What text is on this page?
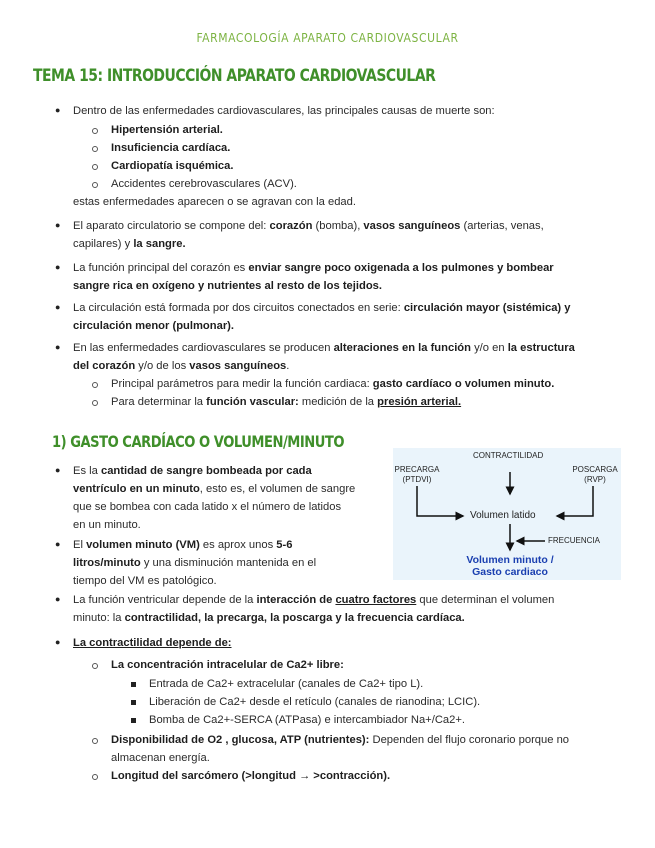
FARMACOLOGÍA APARATO CARDIOVASCULAR
TEMA 15: INTRODUCCIÓN APARATO CARDIOVASCULAR
● Dentro de las enfermedades cardiovasculares, las principales causas de muerte son:
Hipertensión arterial.
Insuficiencia cardíaca.
Cardiopatía isquémica.
Accidentes cerebrovasculares (ACV).
estas enfermedades aparecen o se agravan con la edad.
● El aparato circulatorio se compone del: corazón (bomba), vasos sanguíneos (arterias, venas,
capilares) y la sangre.
● La función principal del corazón es enviar sangre poco oxigenada a los pulmones y bombear
sangre rica en oxígeno y nutrientes al resto de los tejidos.
● La circulación está formada por dos circuitos conectados en serie: circulación mayor (sistémica) y
circulación menor (pulmonar).
● En las enfermedades cardiovasculares se producen alteraciones en la función y/o en la estructura
del corazón y/o de los vasos sanguíneos.
Principal parámetros para medir la función cardiaca: gasto cardíaco o volumen minuto.
Para determinar la función vascular: medición de la presión arterial.
1) GASTO CARDÍACO O VOLUMEN/MINUTO
● Es la cantidad de sangre bombeada por cada
ventrículo en un minuto, esto es, el volumen de sangre
que se bombea con cada latido x el número de latidos
en un minuto.
● El volumen minuto (VM) es aprox unos 5-6
litros/minuto y una disminución mantenida en el
tiempo del VM es patológico.
● La función ventricular depende de la interacción de cuatro factores que determinan el volumen
minuto: la contractilidad, la precarga, la poscarga y la frecuencia cardíaca.
● La contractilidad depende de:
La concentración intracelular de Ca2+ libre:
Entrada de Ca2+ extracelular (canales de Ca2+ tipo L).
Liberación de Ca2+ desde el retículo (canales de rianodina; LCIC).
Bomba de Ca2+-SERCA (ATPasa) e intercambiador Na+/Ca2+.
Disponibilidad de O2 , glucosa, ATP (nutrientes): Dependen del flujo coronario porque no
almacenan energía.
Longitud del sarcómero (>longitud → >contracción).
CONTRACTILIDAD
PRECARGA
(PTDVI)
POSCARGA
(RVP)
Volumen latido
FRECUENCIA
Volumen minuto /
Gasto cardiaco
